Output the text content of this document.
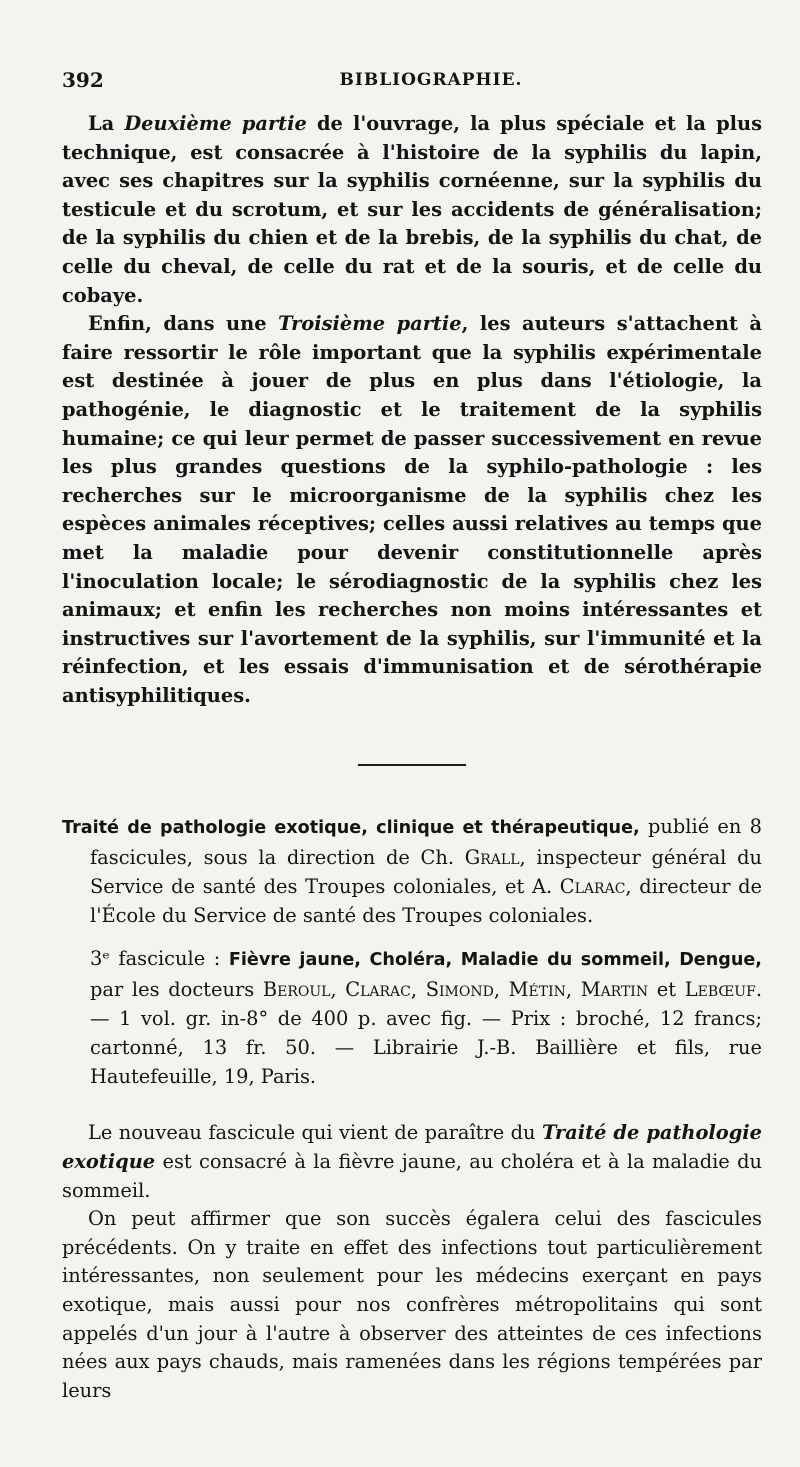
392	BIBLIOGRAPHIE.

La Deuxième partie de l'ouvrage, la plus spéciale et la plus technique, est consacrée à l'histoire de la syphilis du lapin, avec ses chapitres sur la syphilis cornéenne, sur la syphilis du testicule et du scrotum, et sur les accidents de généralisation; de la syphilis du chien et de la brebis, de la syphilis du chat, de celle du cheval, de celle du rat et de la souris, et de celle du cobaye.

Enfin, dans une Troisième partie, les auteurs s'attachent à faire ressortir le rôle important que la syphilis expérimentale est destinée à jouer de plus en plus dans l'étiologie, la pathogénie, le diagnostic et le traitement de la syphilis humaine; ce qui leur permet de passer successivement en revue les plus grandes questions de la syphilo-pathologie : les recherches sur le microorganisme de la syphilis chez les espèces animales réceptives; celles aussi relatives au temps que met la maladie pour devenir constitutionnelle après l'inoculation locale; le sérodiagnostic de la syphilis chez les animaux; et enfin les recherches non moins intéressantes et instructives sur l'avortement de la syphilis, sur l'immunité et la réinfection, et les essais d'immunisation et de sérothérapie antisyphilitiques.

Traité de pathologie exotique, clinique et thérapeutique, publié en 8 fascicules, sous la direction de Ch. Grall, inspecteur général du Service de santé des Troupes coloniales, et A. Clarac, directeur de l'École du Service de santé des Troupes coloniales.

3ᵉ fascicule : Fièvre jaune, Choléra, Maladie du sommeil, Dengue, par les docteurs Beroul, Clarac, Simond, Métin, Martin et Lebœuf. — 1 vol. gr. in-8° de 400 p. avec fig. — Prix : broché, 12 francs; cartonné, 13 fr. 50. — Librairie J.-B. Baillière et fils, rue Hautefeuille, 19, Paris.

Le nouveau fascicule qui vient de paraître du Traité de pathologie exotique est consacré à la fièvre jaune, au choléra et à la maladie du sommeil.

On peut affirmer que son succès égalera celui des fascicules précédents. On y traite en effet des infections tout particulièrement intéressantes, non seulement pour les médecins exerçant en pays exotique, mais aussi pour nos confrères métropolitains qui sont appelés d'un jour à l'autre à observer des atteintes de ces infections nées aux pays chauds, mais ramenées dans les régions tempérées par leurs
